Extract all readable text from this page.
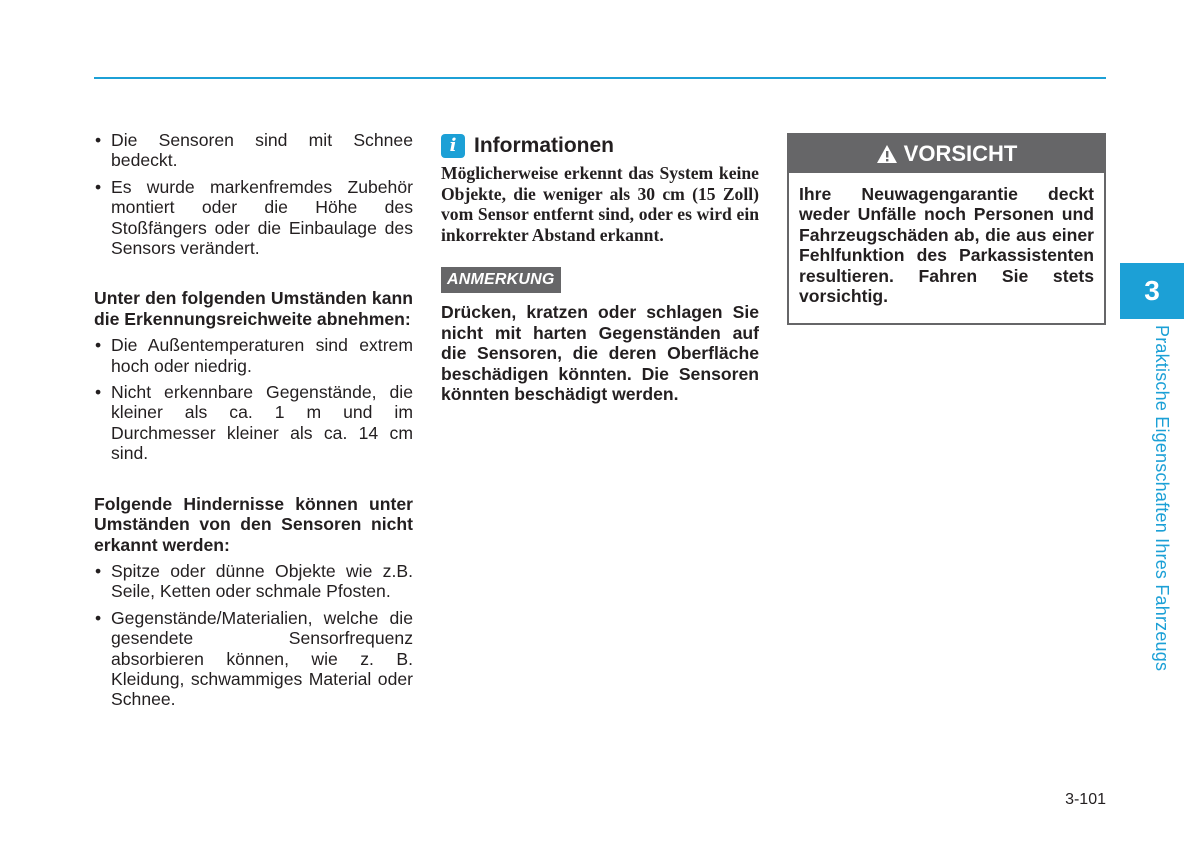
• Die Sensoren sind mit Schnee bedeckt.
• Es wurde markenfremdes Zubehör montiert oder die Höhe des Stoßfängers oder die Einbaulage des Sensors verändert.

Unter den folgenden Umständen kann die Erkennungsreichweite abnehmen:

• Die Außentemperaturen sind extrem hoch oder niedrig.
• Nicht erkennbare Gegenstände, die kleiner als ca. 1 m und im Durchmesser kleiner als ca. 14 cm sind.

Folgende Hindernisse können unter Umständen von den Sensoren nicht erkannt werden:

• Spitze oder dünne Objekte wie z.B. Seile, Ketten oder schmale Pfosten.
• Gegenstände/Materialien, welche die gesendete Sensorfrequenz absorbieren können, wie z. B. Kleidung, schwammiges Material oder Schnee.
i Informationen

Möglicherweise erkennt das System keine Objekte, die weniger als 30 cm (15 Zoll) vom Sensor entfernt sind, oder es wird ein inkorrekter Abstand erkannt.

ANMERKUNG

Drücken, kratzen oder schlagen Sie nicht mit harten Gegenständen auf die Sensoren, die deren Oberfläche beschädigen könnten. Die Sensoren könnten beschädigt werden.

VORSICHT

Ihre Neuwagengarantie deckt weder Unfälle noch Personen und Fahrzeugschäden ab, die aus einer Fehlfunktion des Parkassistenten resultieren. Fahren Sie stets vorsichtig.	3
Praktische Eigenschaften Ihres Fahrzeugs
3-101
